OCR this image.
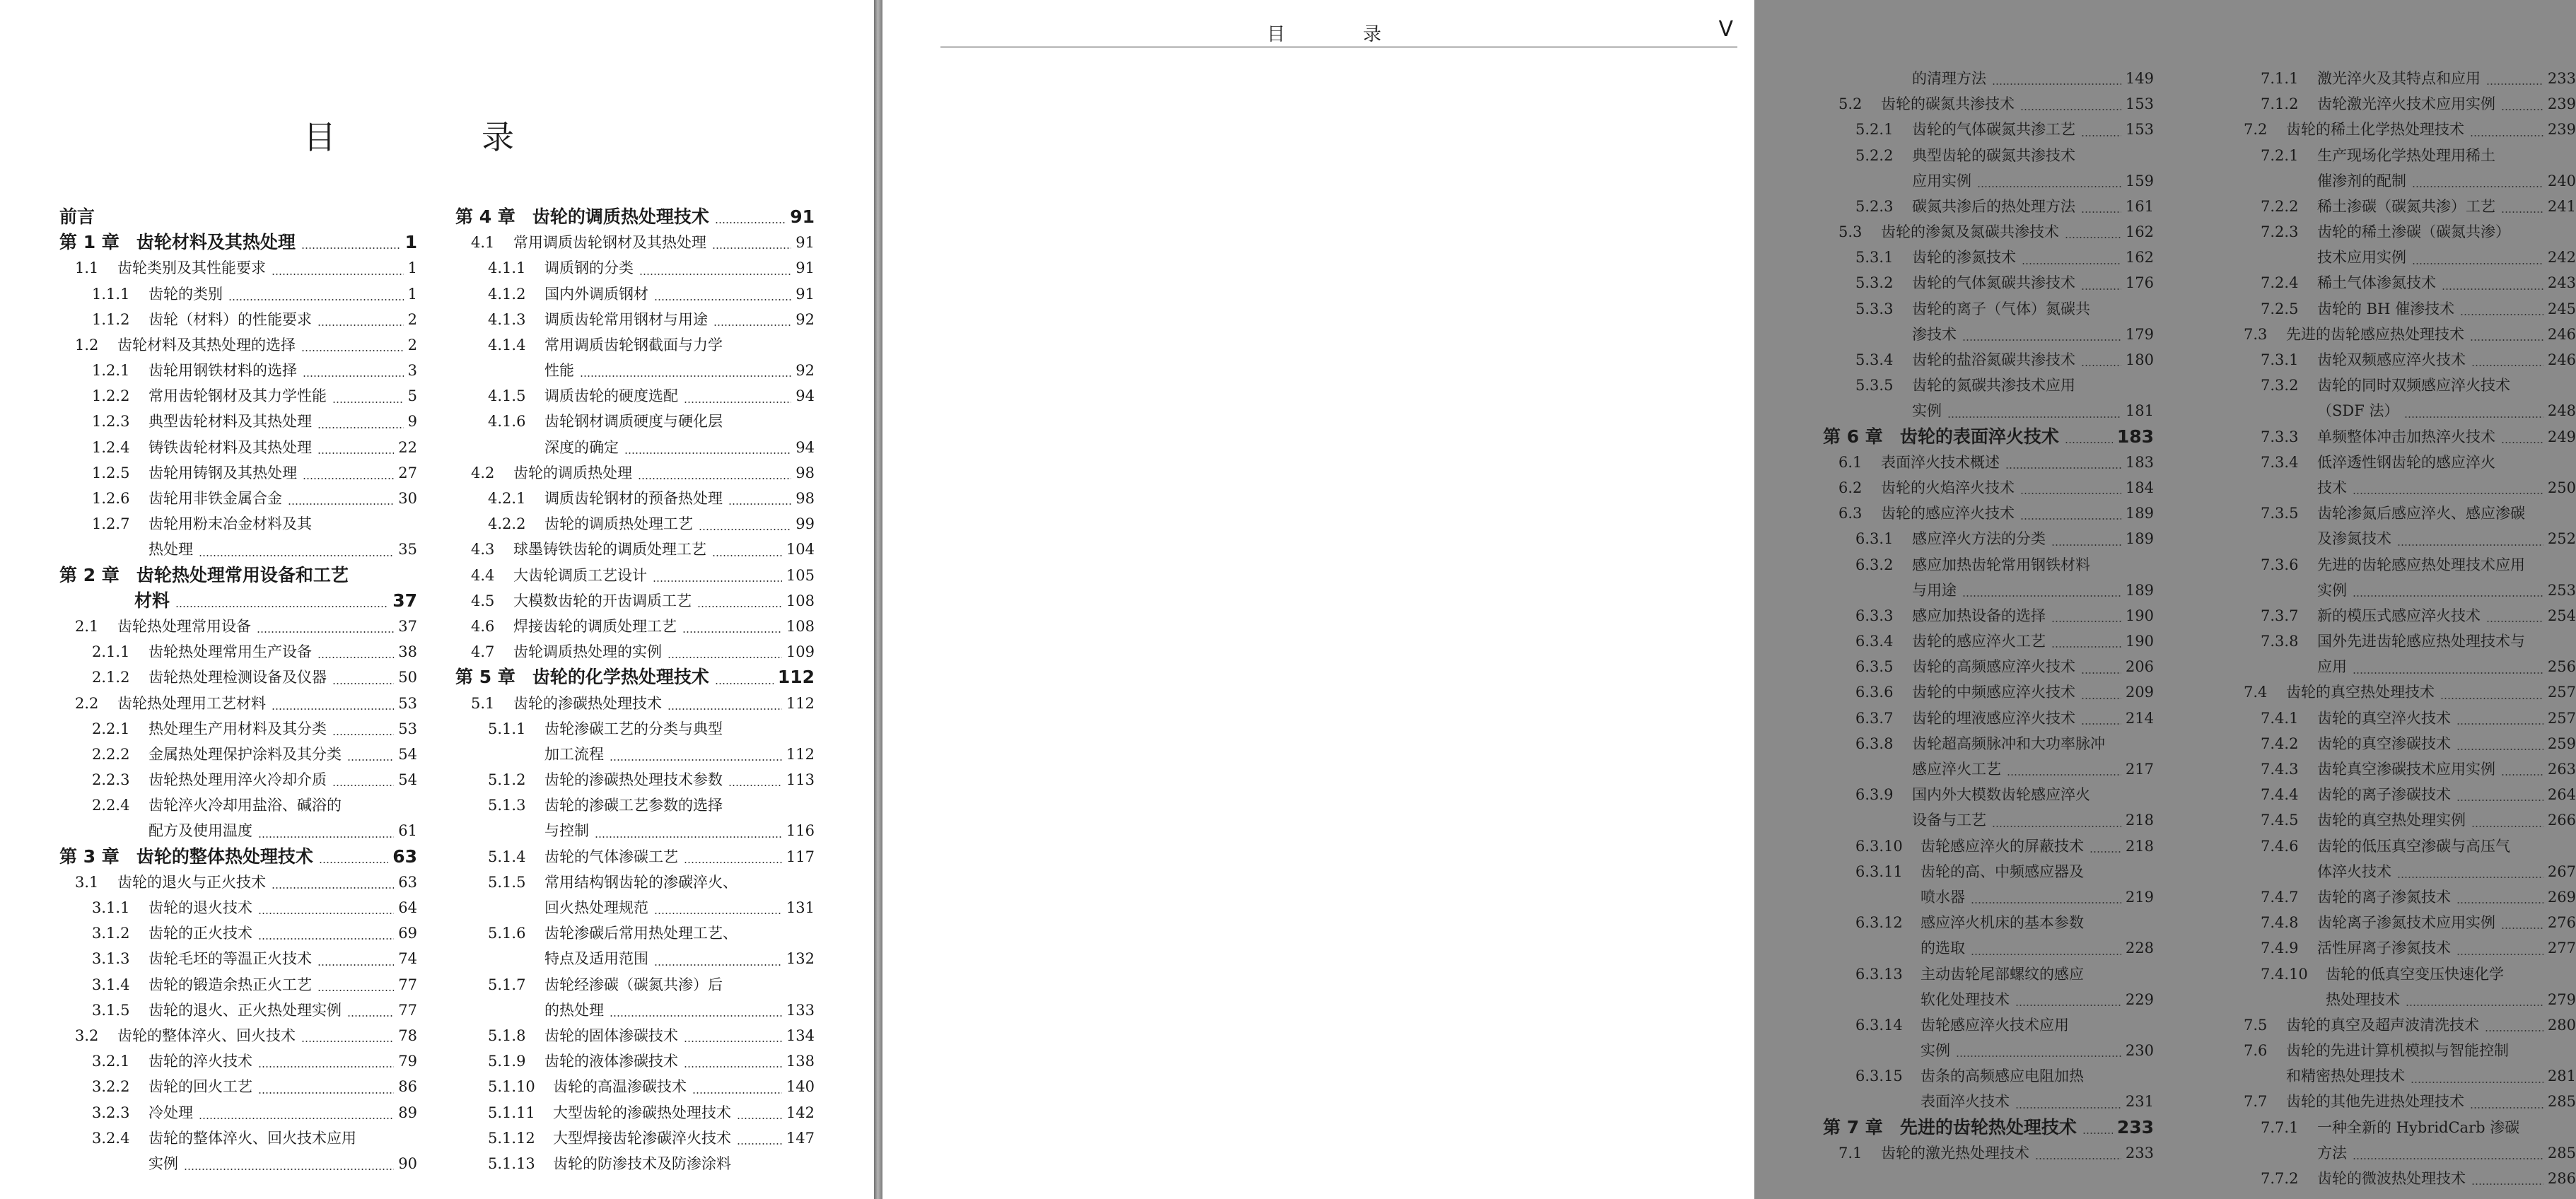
目　录
前言
第 1 章 齿轮材料及其热处理	1
1.1	齿轮类别及其性能要求	1
1.1.1	齿轮的类别	1
1.1.2	齿轮（材料）的性能要求	2
1.2	齿轮材料及其热处理的选择	2
1.2.1	齿轮用钢铁材料的选择	3
1.2.2	常用齿轮钢材及其力学性能	5
1.2.3	典型齿轮材料及其热处理	9
1.2.4	铸铁齿轮材料及其热处理	22
1.2.5	齿轮用铸钢及其热处理	27
1.2.6	齿轮用非铁金属合金	30
1.2.7	齿轮用粉末冶金材料及其
热处理	35
第 2 章 齿轮热处理常用设备和工艺
材料	37
2.1	齿轮热处理常用设备	37
2.1.1	齿轮热处理常用生产设备	38
2.1.2	齿轮热处理检测设备及仪器	50
2.2	齿轮热处理用工艺材料	53
2.2.1	热处理生产用材料及其分类	53
2.2.2	金属热处理保护涂料及其分类	54
2.2.3	齿轮热处理用淬火冷却介质	54
2.2.4	齿轮淬火冷却用盐浴、碱浴的
配方及使用温度	61
第 3 章 齿轮的整体热处理技术	63
3.1	齿轮的退火与正火技术	63
3.1.1	齿轮的退火技术	64
3.1.2	齿轮的正火技术	69
3.1.3	齿轮毛坯的等温正火技术	74
3.1.4	齿轮的锻造余热正火工艺	77
3.1.5	齿轮的退火、正火热处理实例	77
3.2	齿轮的整体淬火、回火技术	78
3.2.1	齿轮的淬火技术	79
3.2.2	齿轮的回火工艺	86
3.2.3	冷处理	89
3.2.4	齿轮的整体淬火、回火技术应用
实例	90
第 4 章 齿轮的调质热处理技术	91
4.1	常用调质齿轮钢材及其热处理	91
4.1.1	调质钢的分类	91
4.1.2	国内外调质钢材	91
4.1.3	调质齿轮常用钢材与用途	92
4.1.4	常用调质齿轮钢截面与力学
性能	92
4.1.5	调质齿轮的硬度选配	94
4.1.6	齿轮钢材调质硬度与硬化层
深度的确定	94
4.2	齿轮的调质热处理	98
4.2.1	调质齿轮钢材的预备热处理	98
4.2.2	齿轮的调质热处理工艺	99
4.3	球墨铸铁齿轮的调质处理工艺	104
4.4	大齿轮调质工艺设计	105
4.5	大模数齿轮的开齿调质工艺	108
4.6	焊接齿轮的调质处理工艺	108
4.7	齿轮调质热处理的实例	109
第 5 章 齿轮的化学热处理技术	112
5.1	齿轮的渗碳热处理技术	112
5.1.1	齿轮渗碳工艺的分类与典型
加工流程	112
5.1.2	齿轮的渗碳热处理技术参数	113
5.1.3	齿轮的渗碳工艺参数的选择
与控制	116
5.1.4	齿轮的气体渗碳工艺	117
5.1.5	常用结构钢齿轮的渗碳淬火、
回火热处理规范	131
5.1.6	齿轮渗碳后常用热处理工艺、
特点及适用范围	132
5.1.7	齿轮经渗碳（碳氮共渗）后
的热处理	133
5.1.8	齿轮的固体渗碳技术	134
5.1.9	齿轮的液体渗碳技术	138
5.1.10	齿轮的高温渗碳技术	140
5.1.11	大型齿轮的渗碳热处理技术	142
5.1.12	大型焊接齿轮渗碳淬火技术	147
5.1.13	齿轮的防渗技术及防渗涂料
目　录	V
的清理方法	149
5.2	齿轮的碳氮共渗技术	153
5.2.1	齿轮的气体碳氮共渗工艺	153
5.2.2	典型齿轮的碳氮共渗技术
应用实例	159
5.2.3	碳氮共渗后的热处理方法	161
5.3	齿轮的渗氮及氮碳共渗技术	162
5.3.1	齿轮的渗氮技术	162
5.3.2	齿轮的气体氮碳共渗技术	176
5.3.3	齿轮的离子（气体）氮碳共
渗技术	179
5.3.4	齿轮的盐浴氮碳共渗技术	180
5.3.5	齿轮的氮碳共渗技术应用
实例	181
第 6 章 齿轮的表面淬火技术	183
6.1	表面淬火技术概述	183
6.2	齿轮的火焰淬火技术	184
6.3	齿轮的感应淬火技术	189
6.3.1	感应淬火方法的分类	189
6.3.2	感应加热齿轮常用钢铁材料
与用途	189
6.3.3	感应加热设备的选择	190
6.3.4	齿轮的感应淬火工艺	190
6.3.5	齿轮的高频感应淬火技术	206
6.3.6	齿轮的中频感应淬火技术	209
6.3.7	齿轮的埋液感应淬火技术	214
6.3.8	齿轮超高频脉冲和大功率脉冲
感应淬火工艺	217
6.3.9	国内外大模数齿轮感应淬火
设备与工艺	218
6.3.10	齿轮感应淬火的屏蔽技术	218
6.3.11	齿轮的高、中频感应器及
喷水器	219
6.3.12	感应淬火机床的基本参数
的选取	228
6.3.13	主动齿轮尾部螺纹的感应
软化处理技术	229
6.3.14	齿轮感应淬火技术应用
实例	230
6.3.15	齿条的高频感应电阻加热
表面淬火技术	231
第 7 章 先进的齿轮热处理技术 233
7.1	齿轮的激光热处理技术	233
7.1.1	激光淬火及其特点和应用	233
7.1.2	齿轮激光淬火技术应用实例	239
7.2	齿轮的稀土化学热处理技术	239
7.2.1	生产现场化学热处理用稀土
催渗剂的配制	240
7.2.2	稀土渗碳（碳氮共渗）工艺	241
7.2.3	齿轮的稀土渗碳（碳氮共渗）
技术应用实例	242
7.2.4	稀土气体渗氮技术	243
7.2.5	齿轮的 BH 催渗技术	245
7.3	先进的齿轮感应热处理技术	246
7.3.1	齿轮双频感应淬火技术	246
7.3.2	齿轮的同时双频感应淬火技术
（SDF 法）	248
7.3.3	单频整体冲击加热淬火技术	249
7.3.4	低淬透性钢齿轮的感应淬火
技术	250
7.3.5	齿轮渗氮后感应淬火、感应渗碳
及渗氮技术	252
7.3.6	先进的齿轮感应热处理技术应用
实例	253
7.3.7	新的模压式感应淬火技术	254
7.3.8	国外先进齿轮感应热处理技术与
应用	256
7.4	齿轮的真空热处理技术	257
7.4.1	齿轮的真空淬火技术	257
7.4.2	齿轮的真空渗碳技术	259
7.4.3	齿轮真空渗碳技术应用实例	263
7.4.4	齿轮的离子渗碳技术	264
7.4.5	齿轮的真空热处理实例	266
7.4.6	齿轮的低压真空渗碳与高压气
体淬火技术	267
7.4.7	齿轮的离子渗氮技术	269
7.4.8	齿轮离子渗氮技术应用实例	276
7.4.9	活性屏离子渗氮技术	277
7.4.10	齿轮的低真空变压快速化学
热处理技术	279
7.5	齿轮的真空及超声波清洗技术	280
7.6	齿轮的先进计算机模拟与智能控制
和精密热处理技术	281
7.7	齿轮的其他先进热处理技术	285
7.7.1	一种全新的 HybridCarb 渗碳
方法	285
7.7.2	齿轮的微波热处理技术	286
